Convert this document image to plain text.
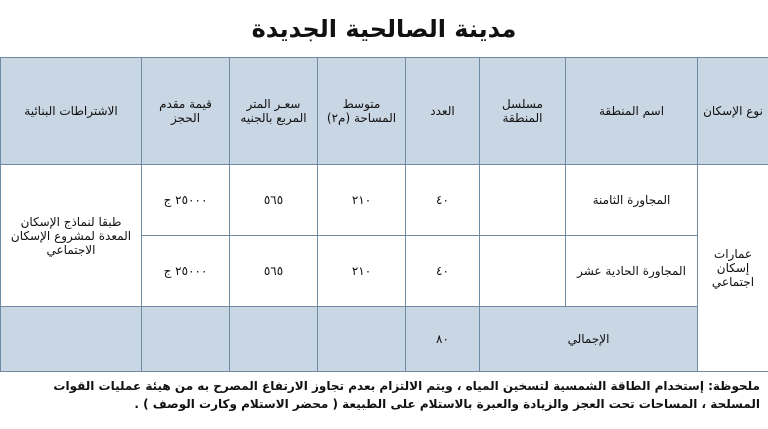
مدينة الصالحية الجديدة
نوع الإسكان	اسم المنطقة	مسلسل المنطقة	العدد	متوسط المساحة (م٢)	سعـر المتر المربع بالجنيه	قيمة مقدم الحجز	الاشتراطات البنائية
عمارات إسكان اجتماعي	المجاورة الثامنة		٤٠	٢١٠	٥٦٥	٢٥٠٠٠ ج	طبقا لنماذج الإسكان المعدة لمشروع الإسكان الاجتماعي
	المجاورة الحادية عشر		٤٠	٢١٠	٥٦٥	٢٥٠٠٠ ج	
	الإجمالي		٨٠				
ملحوظة: إستخدام الطاقة الشمسية لتسخين المياه ، ويتم الالتزام بعدم تجاوز الارتفاع المصرح به من هيئة عمليات القوات المسلحة ، المساحات تحت العجز والزيادة والعبرة بالاستلام على الطبيعة ( محضر الاستلام وكارت الوصف ) .
